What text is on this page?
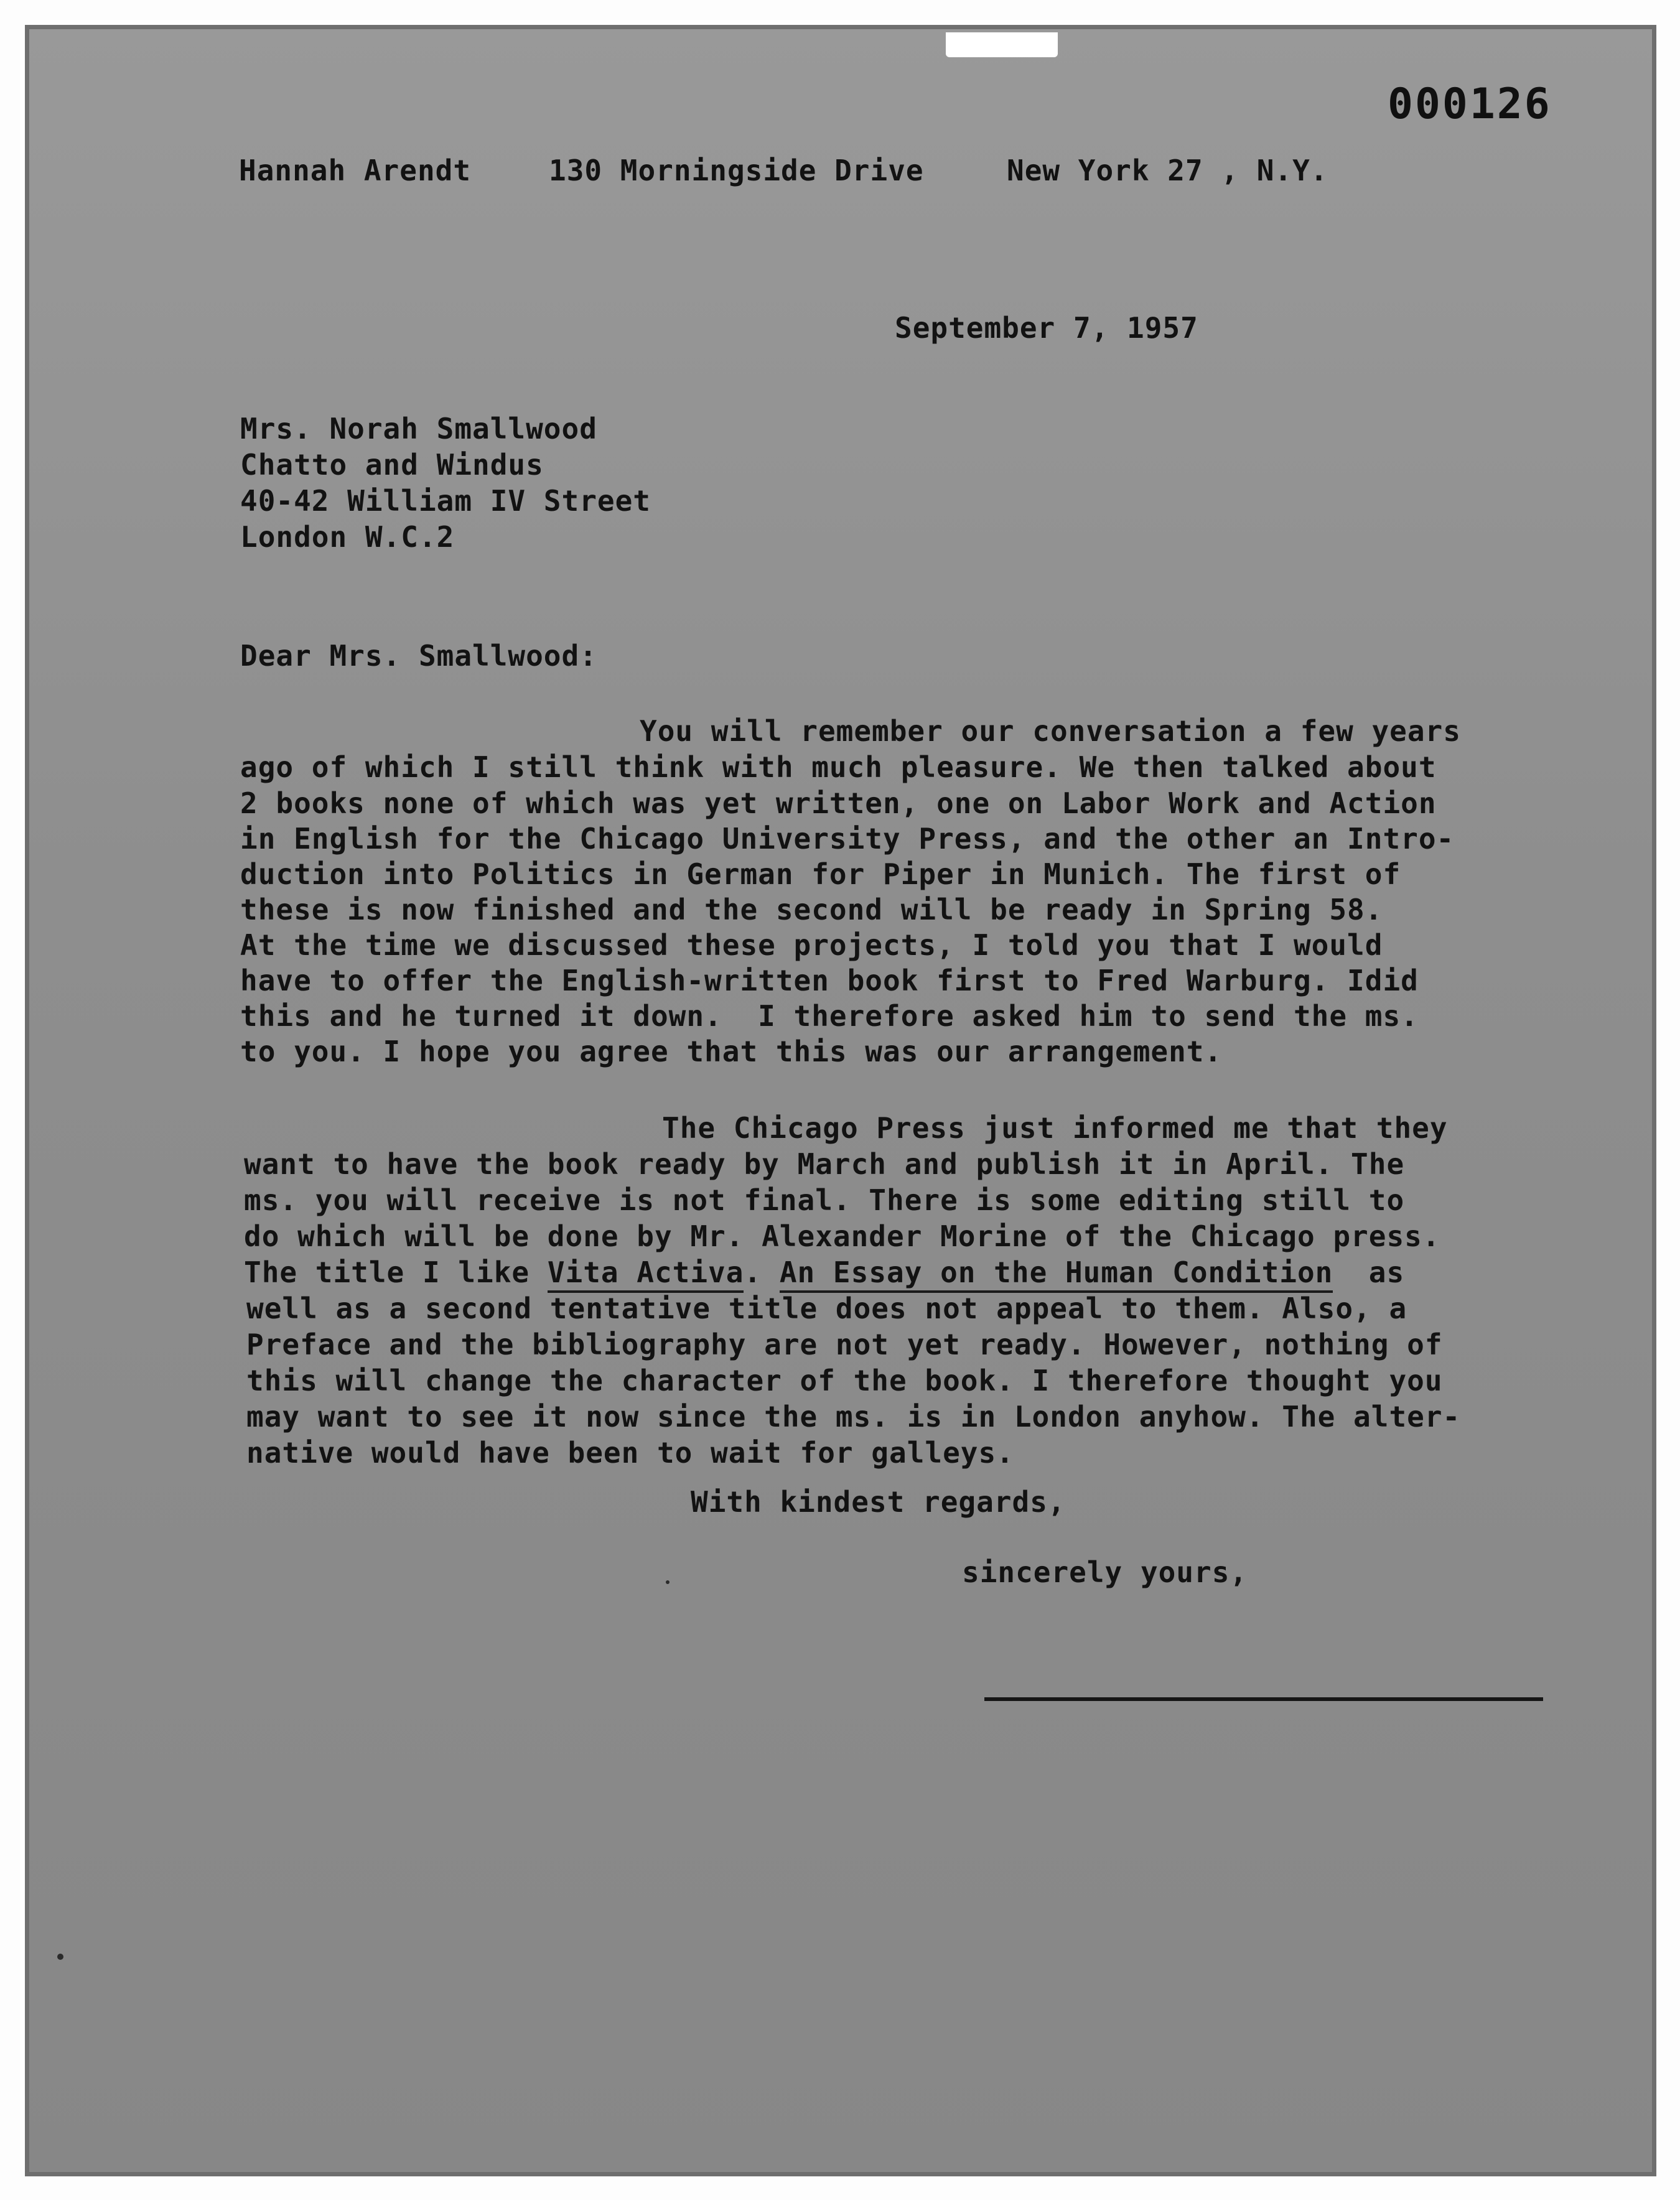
000126
Hannah Arendt	130 Morningside Drive	New York 27 , N.Y.
September 7, 1957
Mrs. Norah Smallwood
Chatto and Windus
40-42 William IV Street
London W.C.2
Dear Mrs. Smallwood:
You will remember our conversation a few years
ago of which I still think with much pleasure. We then talked about
2 books none of which was yet written, one on Labor Work and Action
in English for the Chicago University Press, and the other an Intro-
duction into Politics in German for Piper in Munich. The first of
these is now finished and the second will be ready in Spring 58.
At the time we discussed these projects, I told you that I would
have to offer the English-written book first to Fred Warburg. Idid
this and he turned it down.  I therefore asked him to send the ms.
to you. I hope you agree that this was our arrangement.
The Chicago Press just informed me that they
want to have the book ready by March and publish it in April. The
ms. you will receive is not final. There is some editing still to
do which will be done by Mr. Alexander Morine of the Chicago press.
The title I like Vita Activa. An Essay on the Human Condition  as
well as a second tentative title does not appeal to them. Also, a
Preface and the bibliography are not yet ready. However, nothing of
this will change the character of the book. I therefore thought you
may want to see it now since the ms. is in London anyhow. The alter-
native would have been to wait for galleys.
With kindest regards,
sincerely yours,
